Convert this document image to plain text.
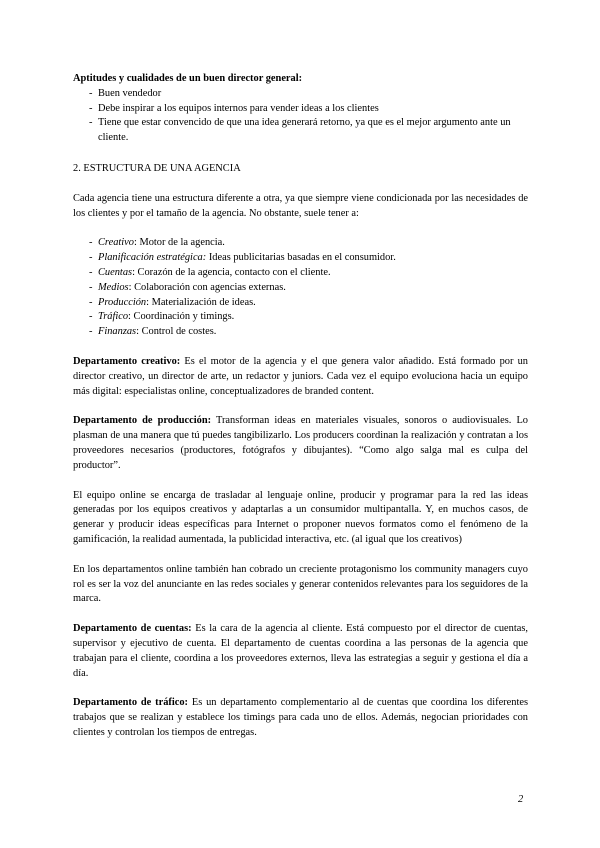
Aptitudes y cualidades de un buen director general:

- Buen vendedor
- Debe inspirar a los equipos internos para vender ideas a los clientes
- Tiene que estar convencido de que una idea generará retorno, ya que es el mejor argumento ante un cliente.

2. ESTRUCTURA DE UNA AGENCIA

Cada agencia tiene una estructura diferente a otra, ya que siempre viene condicionada por las necesidades de los clientes y por el tamaño de la agencia. No obstante, suele tener a:

- Creativo: Motor de la agencia.
- Planificación estratégica: Ideas publicitarias basadas en el consumidor.
- Cuentas: Corazón de la agencia, contacto con el cliente.
- Medios: Colaboración con agencias externas.
- Producción: Materialización de ideas.
- Tráfico: Coordinación y timings.
- Finanzas: Control de costes.

Departamento creativo: Es el motor de la agencia y el que genera valor añadido. Está formado por un director creativo, un director de arte, un redactor y juniors. Cada vez el equipo evoluciona hacia un equipo más digital: especialistas online, conceptualizadores de branded content.

Departamento de producción: Transforman ideas en materiales visuales, sonoros o audiovisuales. Lo plasman de una manera que tú puedes tangibilizarlo. Los producers coordinan la realización y contratan a los proveedores necesarios (productores, fotógrafos y dibujantes). “Como algo salga mal es culpa del productor”.

El equipo online se encarga de trasladar al lenguaje online, producir y programar para la red las ideas generadas por los equipos creativos y adaptarlas a un consumidor multipantalla. Y, en muchos casos, de generar y producir ideas específicas para Internet o proponer nuevos formatos como el fenómeno de la gamificación, la realidad aumentada, la publicidad interactiva, etc. (al igual que los creativos)

En los departamentos online también han cobrado un creciente protagonismo los community managers cuyo rol es ser la voz del anunciante en las redes sociales y generar contenidos relevantes para los seguidores de la marca.

Departamento de cuentas: Es la cara de la agencia al cliente. Está compuesto por el director de cuentas, supervisor y ejecutivo de cuenta. El departamento de cuentas coordina a las personas de la agencia que trabajan para el cliente, coordina a los proveedores externos, lleva las estrategias a seguir y gestiona el día a día.

Departamento de tráfico: Es un departamento complementario al de cuentas que coordina los diferentes trabajos que se realizan y establece los timings para cada uno de ellos. Además, negocian prioridades con clientes y controlan los tiempos de entregas.

2
